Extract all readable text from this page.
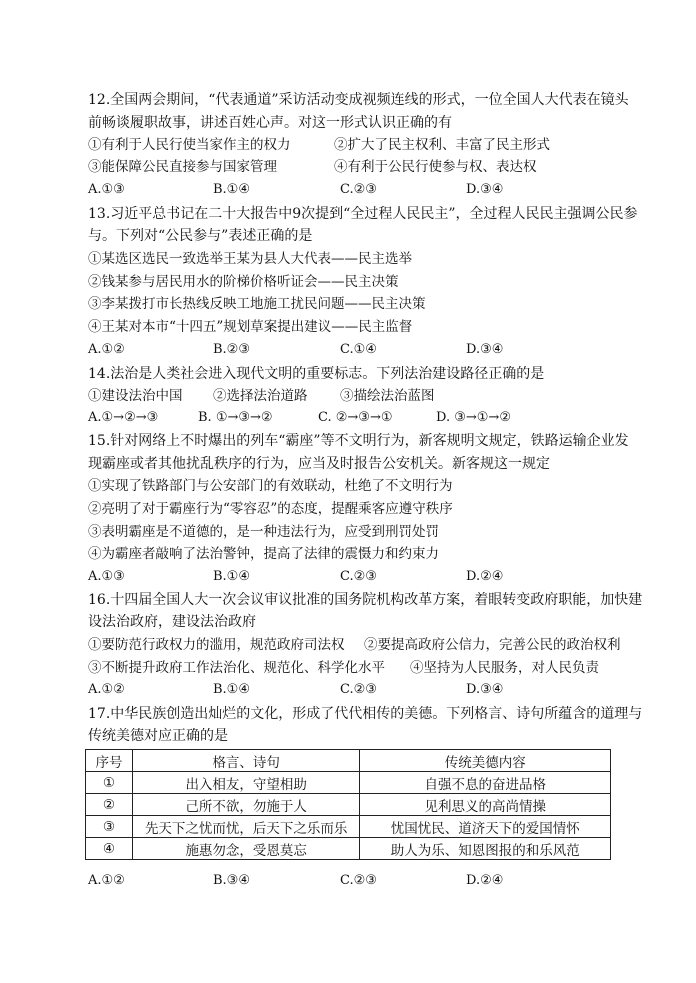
12.全国两会期间，“代表通道”采访活动变成视频连线的形式，一位全国人大代表在镜头
前畅谈履职故事，讲述百姓心声。对这一形式认识正确的有
①有利于人民行使当家作主的权力	②扩大了民主权利、丰富了民主形式
③能保障公民直接参与国家管理	④有利于公民行使参与权、表达权
A.①③	B.①④	C.②③	D.③④
13.习近平总书记在二十大报告中9次提到“全过程人民民主”，全过程人民民主强调公民参
与。下列对“公民参与”表述正确的是
①某选区选民一致选举王某为县人大代表——民主选举
②钱某参与居民用水的阶梯价格听证会——民主决策
③李某拨打市长热线反映工地施工扰民问题——民主决策
④王某对本市“十四五”规划草案提出建议——民主监督
A.①②	B.②③	C.①④	D.③④
14.法治是人类社会进入现代文明的重要标志。下列法治建设路径正确的是
①建设法治中国 ②选择法治道路 ③描绘法治蓝图
A.①→②→③	B. ①→③→②	C. ②→③→①	D. ③→①→②
15.针对网络上不时爆出的列车“霸座”等不文明行为，新客规明文规定，铁路运输企业发
现霸座或者其他扰乱秩序的行为，应当及时报告公安机关。新客规这一规定
①实现了铁路部门与公安部门的有效联动，杜绝了不文明行为
②亮明了对于霸座行为“零容忍”的态度，提醒乘客应遵守秩序
③表明霸座是不道德的，是一种违法行为，应受到刑罚处罚
④为霸座者敲响了法治警钟，提高了法律的震慑力和约束力
A.①③	B.①④	C.②③	D.②④
16.十四届全国人大一次会议审议批准的国务院机构改革方案，着眼转变政府职能，加快建
设法治政府，建设法治政府
①要防范行政权力的滥用，规范政府司法权 ②要提高政府公信力，完善公民的政治权利
③不断提升政府工作法治化、规范化、科学化水平 ④坚持为人民服务，对人民负责
A.①②	B.①④	C.②③	D.③④
17.中华民族创造出灿烂的文化，形成了代代相传的美德。下列格言、诗句所蕴含的道理与
传统美德对应正确的是
序号	格言、诗句	传统美德内容
①	出入相友，守望相助	自强不息的奋进品格
②	己所不欲，勿施于人	见利思义的高尚情操
③	先天下之忧而忧，后天下之乐而乐	忧国忧民、道济天下的爱国情怀
④	施惠勿念，受恩莫忘	助人为乐、知恩图报的和乐风范
A.①②	B.③④	C.②③	D.②④
